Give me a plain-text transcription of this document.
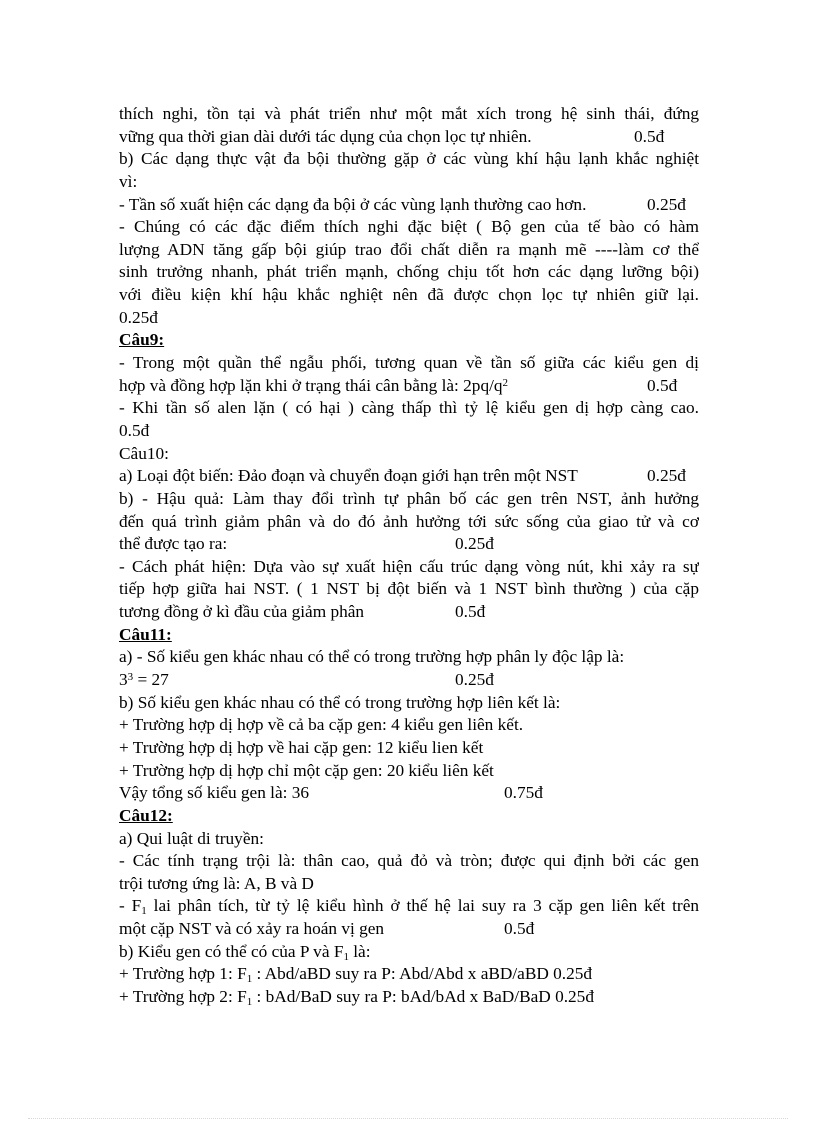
thích nghi, tồn tại và phát triển như một mắt xích trong hệ sinh thái, đứng
vững qua thời gian dài dưới tác dụng của chọn lọc tự nhiên.	0.5đ
b) Các dạng thực vật đa bội thường gặp ở các vùng khí hậu lạnh khắc nghiệt
vì:
- Tần số xuất hiện các dạng đa bội ở các vùng lạnh thường cao hơn.	0.25đ
- Chúng có các đặc điểm thích nghi đặc biệt ( Bộ gen của tế bào có hàm
lượng ADN tăng gấp bội giúp trao đổi chất diễn ra mạnh mẽ ----làm cơ thể
sinh trưởng nhanh, phát triển mạnh, chống chịu tốt hơn các dạng lưỡng bội)
với điều kiện khí hậu khắc nghiệt nên đã được chọn lọc tự nhiên giữ lại.
0.25đ
Câu9:
- Trong một quần thể ngẫu phối, tương quan về tần số giữa các kiểu gen dị
hợp và đồng hợp lặn khi ở trạng thái cân bằng là: $2pq/q^2$	0.5đ
- Khi tần số alen lặn ( có hại ) càng thấp thì tỷ lệ kiểu gen dị hợp càng cao.
0.5đ
Câu10:
a) Loại đột biến: Đảo đoạn và chuyển đoạn giới hạn trên một NST	0.25đ
b) - Hậu quả: Làm thay đổi trình tự phân bố các gen trên NST, ảnh hưởng
đến quá trình giảm phân và do đó ảnh hưởng tới sức sống của giao tử và cơ
thể được tạo ra:	0.25đ
- Cách phát hiện: Dựa vào sự xuất hiện cấu trúc dạng vòng nút, khi xảy ra sự
tiếp hợp giữa hai NST. ( 1 NST bị đột biến và 1 NST bình thường ) của cặp
tương đồng ở kì đầu của giảm phân	0.5đ
Câu11:
a) - Số kiểu gen khác nhau có thể có trong trường hợp phân ly độc lập là:
$3^3 = 27$	0.25đ
b) Số kiểu gen khác nhau có thể có trong trường hợp liên kết là:
+ Trường hợp dị hợp về cả ba cặp gen: 4 kiểu gen liên kết.
+ Trường hợp dị hợp về hai cặp gen: 12 kiểu lien kết
+ Trường hợp dị hợp chỉ một cặp gen: 20 kiểu liên kết
Vậy tổng số kiểu gen là: 36	0.75đ
Câu12:
a) Qui luật di truyền:
- Các tính trạng trội là: thân cao, quả đỏ và tròn; được qui định bởi các gen
trội tương ứng là: A, B và D
- $F_1$ lai phân tích, từ tỷ lệ kiểu hình ở thế hệ lai suy ra 3 cặp gen liên kết trên
một cặp NST và có xảy ra hoán vị gen	0.5đ
b) Kiểu gen có thể có của P và $F_1$ là:
+ Trường hợp 1: $F_1$ : Abd/aBD suy ra P: Abd/Abd x aBD/aBD 0.25đ
+ Trường hợp 2: $F_1$ : bAd/BaD suy ra P: bAd/bAd x BaD/BaD 0.25đ
